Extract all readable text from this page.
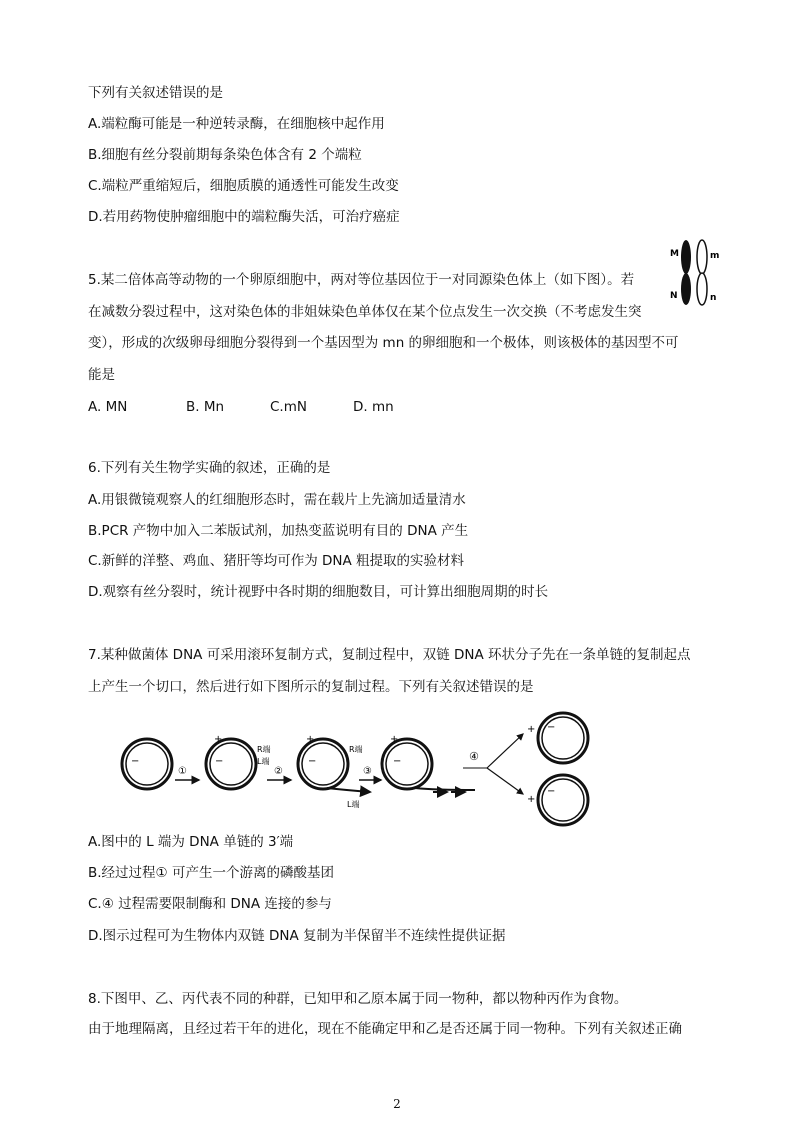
下列有关叙述错误的是
A.端粒酶可能是一种逆转录酶，在细胞核中起作用
B.细胞有丝分裂前期每条染色体含有 2 个端粒
C.端粒严重缩短后，细胞质膜的通透性可能发生改变
D.若用药物使肿瘤细胞中的端粒酶失活，可治疗癌症
5.某二倍体高等动物的一个卵原细胞中，两对等位基因位于一对同源染色体上（如下图）。若
在减数分裂过程中，这对染色体的非姐妹染色单体仅在某个位点发生一次交换（不考虑发生突
变），形成的次级卵母细胞分裂得到一个基因型为 mn 的卵细胞和一个极体，则该极体的基因型不可
能是
M
N
m
n
A. MN	B. Mn	C.mN	D. mn
6.下列有关生物学实确的叙述，正确的是
A.用银微镜观察人的红细胞形态时，需在载片上先滴加适量清水
B.PCR 产物中加入二苯版试剂，加热变蓝说明有目的 DNA 产生
C.新鲜的洋整、鸡血、猪肝等均可作为 DNA 粗提取的实验材料
D.观察有丝分裂时，统计视野中各时期的细胞数目，可计算出细胞周期的时长
7.某种做菌体 DNA 可采用滚环复制方式，复制过程中，双链 DNA 环状分子先在一条单链的复制起点
上产生一个切口，然后进行如下图所示的复制过程。下列有关叙述错误的是
−
①
+
−
R端
L端
②
+
−
R端
L端
③
+
−	④
+ −
+
−
A.图中的 L 端为 DNA 单链的 3′端
B.经过过程① 可产生一个游离的磷酸基团
C.④ 过程需要限制酶和 DNA 连接的参与
D.图示过程可为生物体内双链 DNA 复制为半保留半不连续性提供证据
8.下图甲、乙、丙代表不同的种群，已知甲和乙原本属于同一物种，都以物种丙作为食物。
由于地理隔离，且经过若干年的进化，现在不能确定甲和乙是否还属于同一物种。下列有关叙述正确
2
